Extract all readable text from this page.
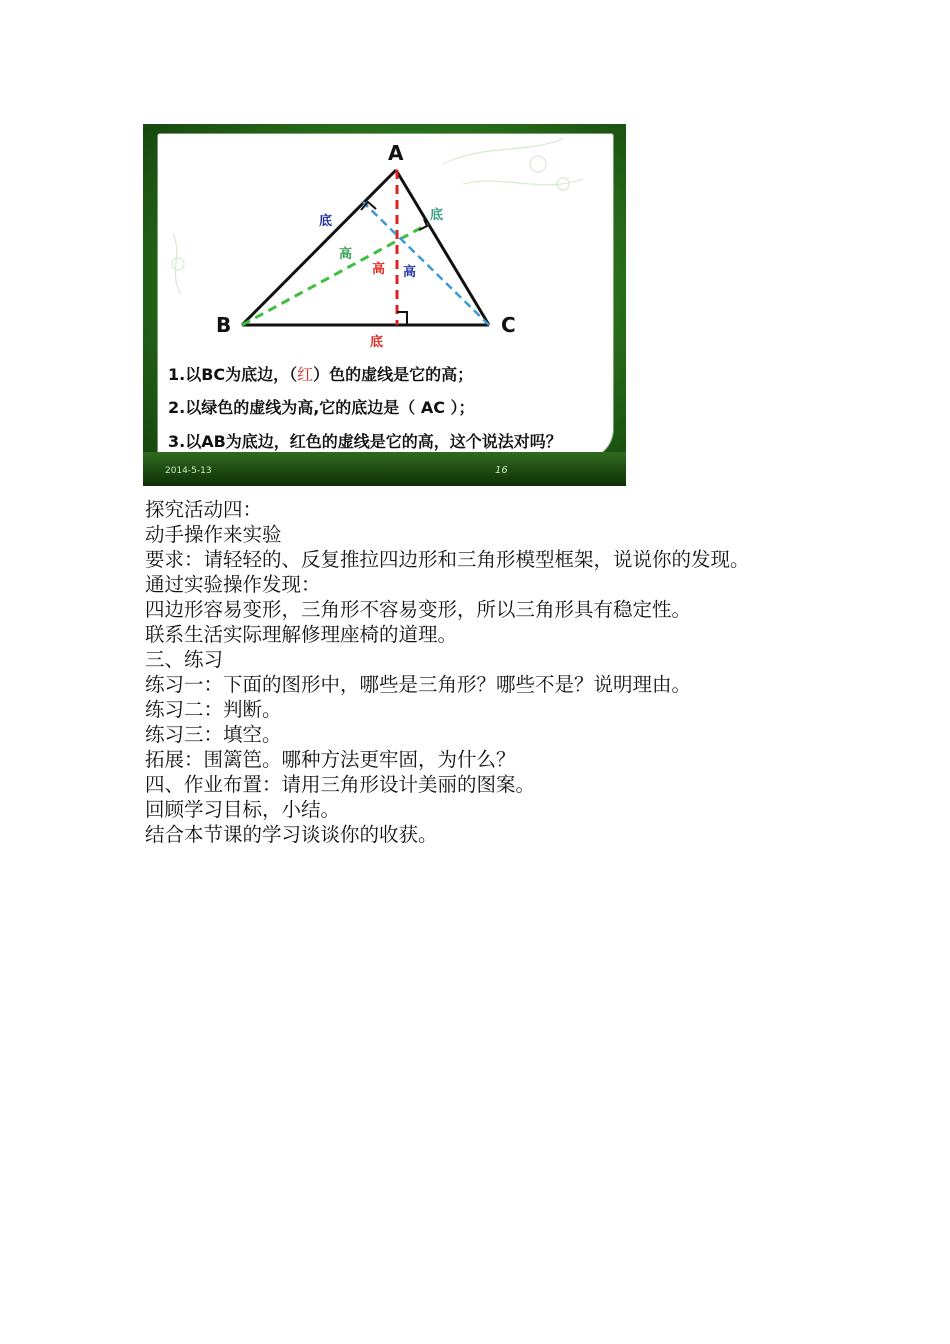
A
B	C
底	底
底
高
高 高
1.以BC为底边，（红）色的虚线是它的高；
2.以绿色的虚线为高,它的底边是（ AC ）；
3.以AB为底边，红色的虚线是它的高，这个说法对吗？
2014-5-13	16

探究活动四：

动手操作来实验

要求：请轻轻的、反复推拉四边形和三角形模型框架，说说你的发现。

通过实验操作发现：

四边形容易变形，三角形不容易变形，所以三角形具有稳定性。

联系生活实际理解修理座椅的道理。

三、练习

练习一：下面的图形中，哪些是三角形？哪些不是？说明理由。

练习二：判断。

练习三：填空。

拓展：围篱笆。哪种方法更牢固，为什么？

四、作业布置：请用三角形设计美丽的图案。

回顾学习目标，小结。

结合本节课的学习谈谈你的收获。
